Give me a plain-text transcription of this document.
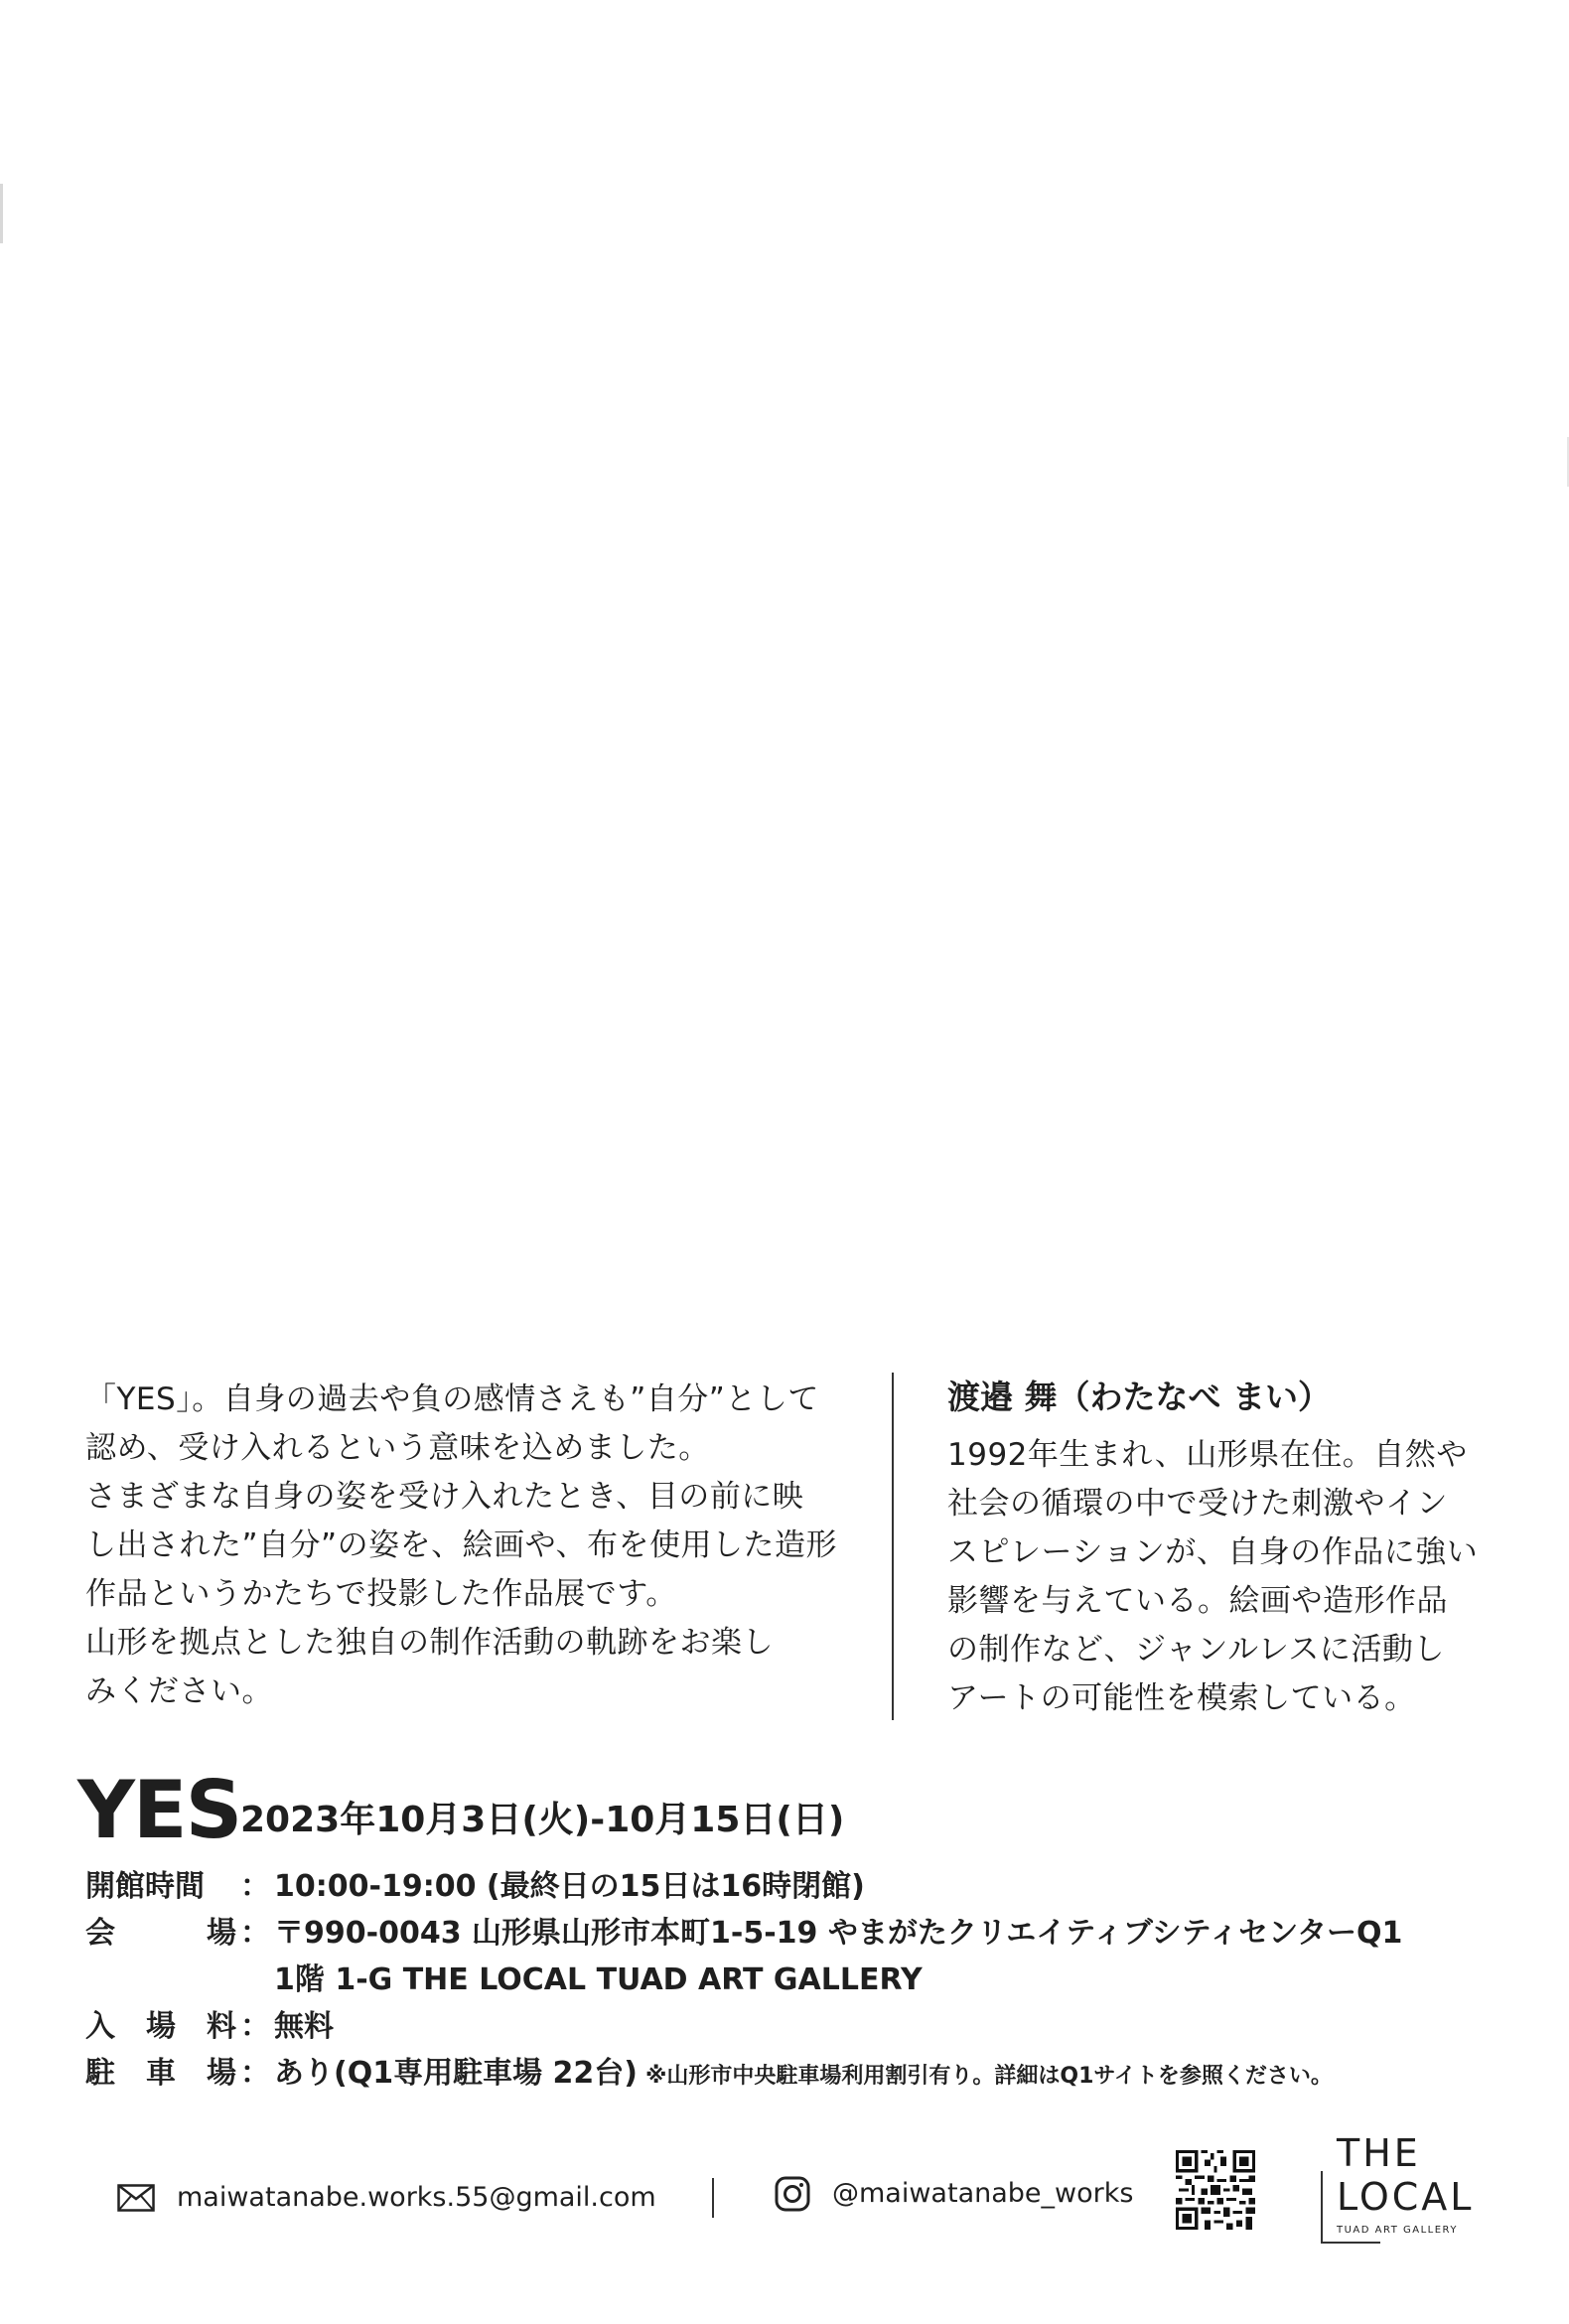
「YES」。自身の過去や負の感情さえも”自分”として

認め、受け入れるという意味を込めました。

さまざまな自身の姿を受け入れたとき、目の前に映

し出された”自分”の姿を、絵画や、布を使用した造形

作品というかたちで投影した作品展です。

山形を拠点とした独自の制作活動の軌跡をお楽し

みください。

渡邉 舞（わたなべ まい）

1992年生まれ、山形県在住。自然や

社会の循環の中で受けた刺激やイン

スピレーションが、自身の作品に強い

影響を与えている。絵画や造形作品

の制作など、ジャンルレスに活動し

アートの可能性を模索している。

YES 2023年10月3日(火)-10月15日(日)
開館時間 ： 10:00-19:00 (最終日の15日は16時閉館)
会	場 ： 〒990-0043 山形県山形市本町1-5-19 やまがたクリエイティブシティセンターQ1
1階 1-G THE LOCAL TUAD ART GALLERY
入 場 料 ： 無料
駐 車 場 ： あり(Q1専用駐車場 22台) ※山形市中央駐車場利用割引有り。詳細はQ1サイトを参照ください。
maiwatanabe.works.55@gmail.com	@maiwatanabe_works
THE
LOCAL
TUAD ART GALLERY
